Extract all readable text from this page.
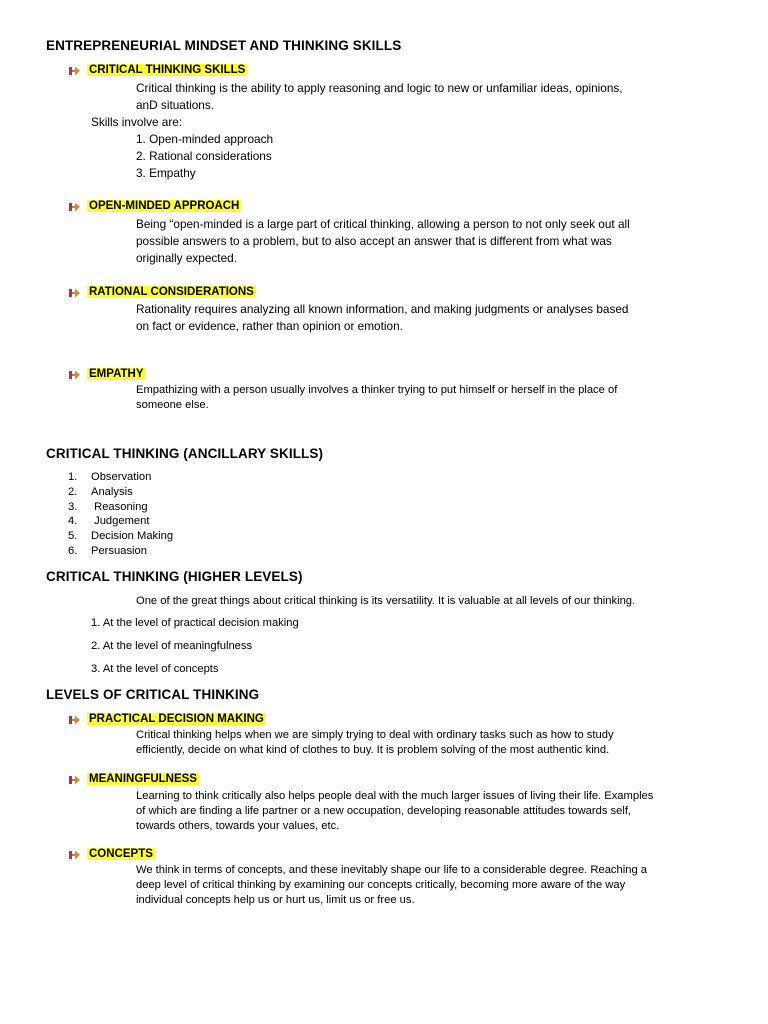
ENTREPRENEURIAL MINDSET AND THINKING SKILLS
CRITICAL THINKING SKILLS
Critical thinking is the ability to apply reasoning and logic to new or unfamiliar ideas, opinions,
anD situations.
Skills involve are:
1. Open-minded approach
2. Rational considerations
3. Empathy
OPEN-MINDED APPROACH
Being “open-minded is a large part of critical thinking, allowing a person to not only seek out all
possible answers to a problem, but to also accept an answer that is different from what was
originally expected.
RATIONAL CONSIDERATIONS
Rationality requires analyzing all known information, and making judgments or analyses based
on fact or evidence, rather than opinion or emotion.
EMPATHY
Empathizing with a person usually involves a thinker trying to put himself or herself in the place of
someone else.
CRITICAL THINKING (ANCILLARY SKILLS)
1. Observation
2. Analysis
3. Reasoning
4. Judgement
5. Decision Making
6. Persuasion
CRITICAL THINKING (HIGHER LEVELS)
One of the great things about critical thinking is its versatility. It is valuable at all levels of our thinking.
1. At the level of practical decision making
2. At the level of meaningfulness
3. At the level of concepts
LEVELS OF CRITICAL THINKING
PRACTICAL DECISION MAKING
Critical thinking helps when we are simply trying to deal with ordinary tasks such as how to study
efficiently, decide on what kind of clothes to buy. It is problem solving of the most authentic kind.
MEANINGFULNESS
Learning to think critically also helps people deal with the much larger issues of living their life. Examples
of which are finding a life partner or a new occupation, developing reasonable attitudes towards self,
towards others, towards your values, etc.
CONCEPTS
We think in terms of concepts, and these inevitably shape our life to a considerable degree. Reaching a
deep level of critical thinking by examining our concepts critically, becoming more aware of the way
individual concepts help us or hurt us, limit us or free us.
